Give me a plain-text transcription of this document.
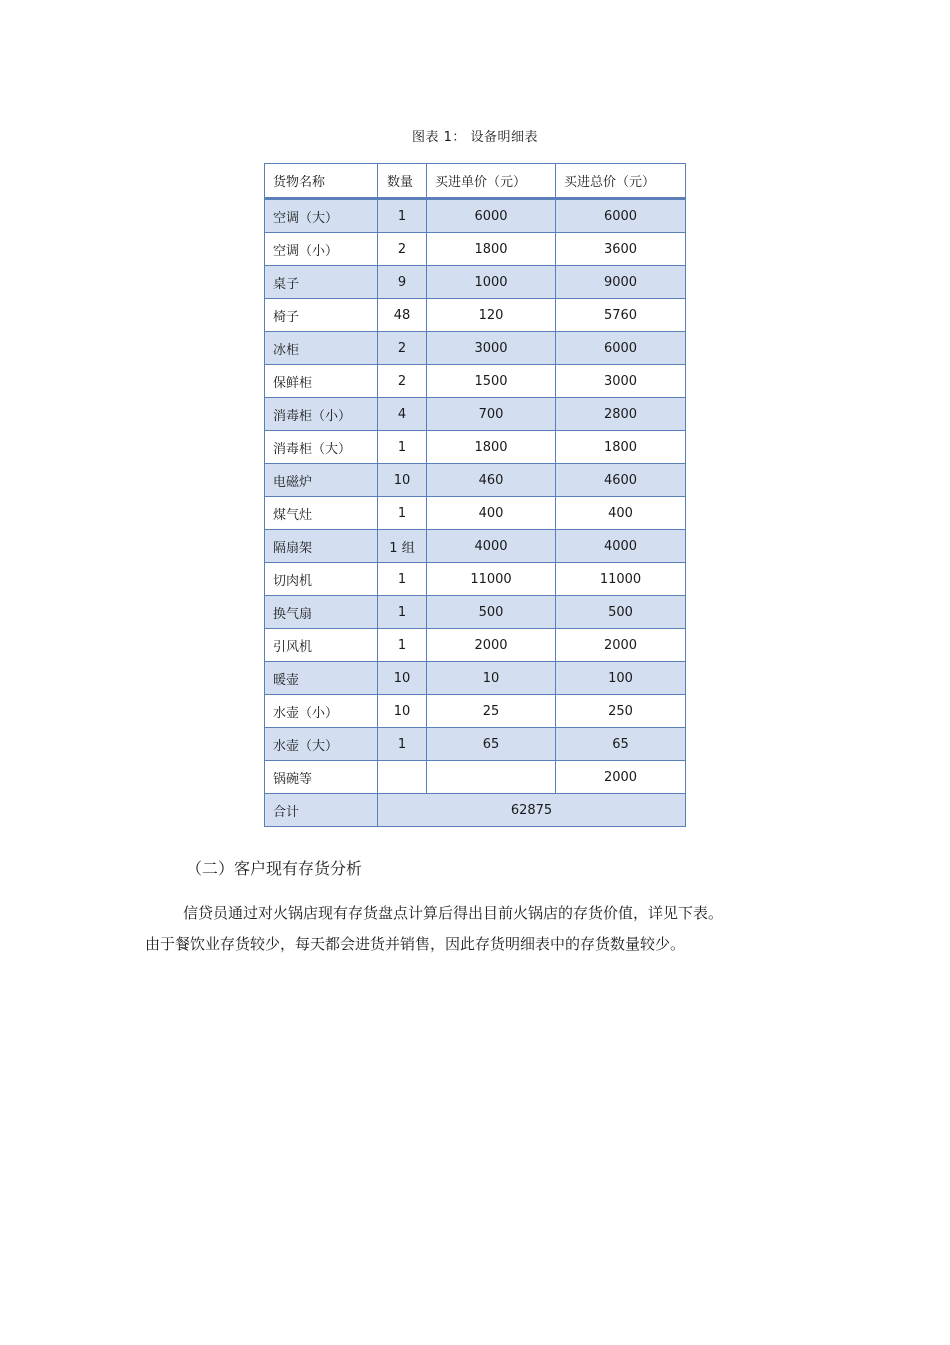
图表 1： 设备明细表
货物名称	数量	买进单价（元）	买进总价（元）
空调（大）	1	6000	6000
空调（小）	2	1800	3600
桌子	9	1000	9000
椅子	48	120	5760
冰柜	2	3000	6000
保鲜柜	2	1500	3000
消毒柜（小）	4	700	2800
消毒柜（大）	1	1800	1800
电磁炉	10	460	4600
煤气灶	1	400	400
隔扇架	1 组	4000	4000
切肉机	1	11000	11000
换气扇	1	500	500
引风机	1	2000	2000
暖壶	10	10	100
水壶（小）	10	25	250
水壶（大）	1	65	65
锅碗等			2000
合计	62875		
（二）客户现有存货分析
信贷员通过对火锅店现有存货盘点计算后得出目前火锅店的存货价值，详见下表。
由于餐饮业存货较少，每天都会进货并销售，因此存货明细表中的存货数量较少。
